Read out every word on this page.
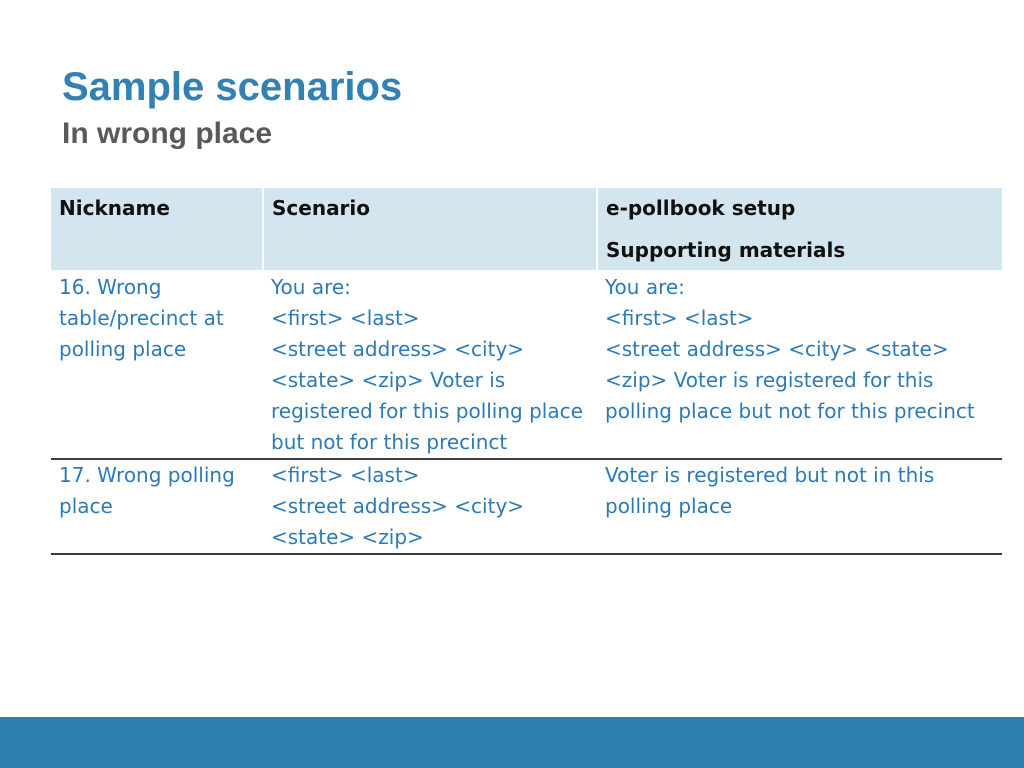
Sample scenarios
In wrong place
Nickname	Scenario	e-pollbook setup
Supporting materials

16. Wrong table/precinct at polling place	You are:
<first> <last>
<street address> <city>
<state> <zip> Voter is registered for this polling place but not for this precinct	You are:
<first> <last>
<street address> <city> <state>
<zip> Voter is registered for this polling place but not for this precinct
17. Wrong polling place	<first> <last>
<street address> <city>
<state> <zip>	Voter is registered but not in this polling place
